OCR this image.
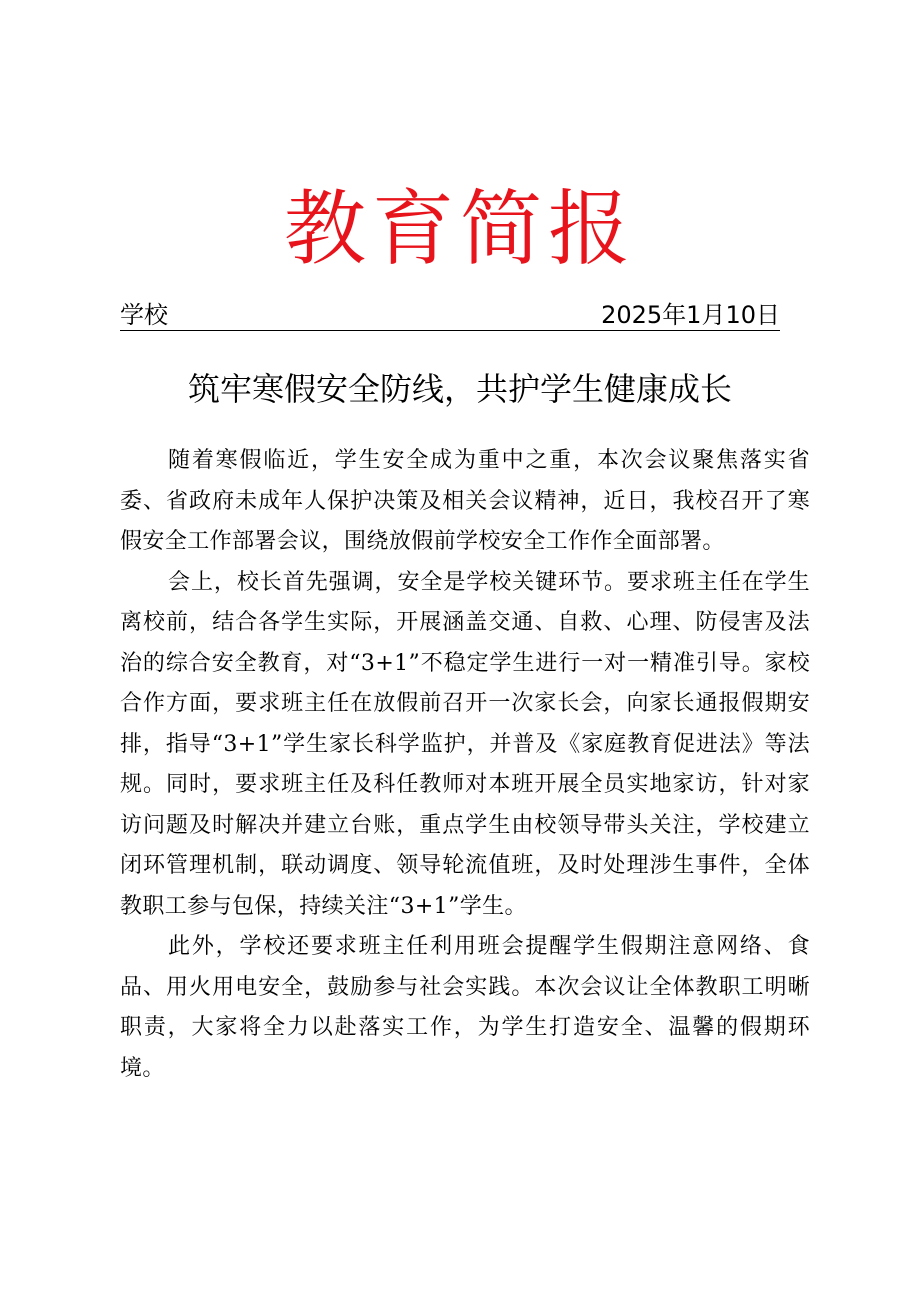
教育简报
学校	2025年1月10日
筑牢寒假安全防线，共护学生健康成长

随着寒假临近，学生安全成为重中之重，本次会议聚焦落实省委、省政府未成年人保护决策及相关会议精神，近日，我校召开了寒假安全工作部署会议，围绕放假前学校安全工作作全面部署。

会上，校长首先强调，安全是学校关键环节。要求班主任在学生离校前，结合各学生实际，开展涵盖交通、自救、心理、防侵害及法治的综合安全教育，对“3+1”不稳定学生进行一对一精准引导。家校合作方面，要求班主任在放假前召开一次家长会，向家长通报假期安排，指导“3+1”学生家长科学监护，并普及《家庭教育促进法》等法规。同时，要求班主任及科任教师对本班开展全员实地家访，针对家访问题及时解决并建立台账，重点学生由校领导带头关注，学校建立闭环管理机制，联动调度、领导轮流值班，及时处理涉生事件，全体教职工参与包保，持续关注“3+1”学生。

此外，学校还要求班主任利用班会提醒学生假期注意网络、食品、用火用电安全，鼓励参与社会实践。本次会议让全体教职工明晰职责，大家将全力以赴落实工作，为学生打造安全、温馨的假期环境。
